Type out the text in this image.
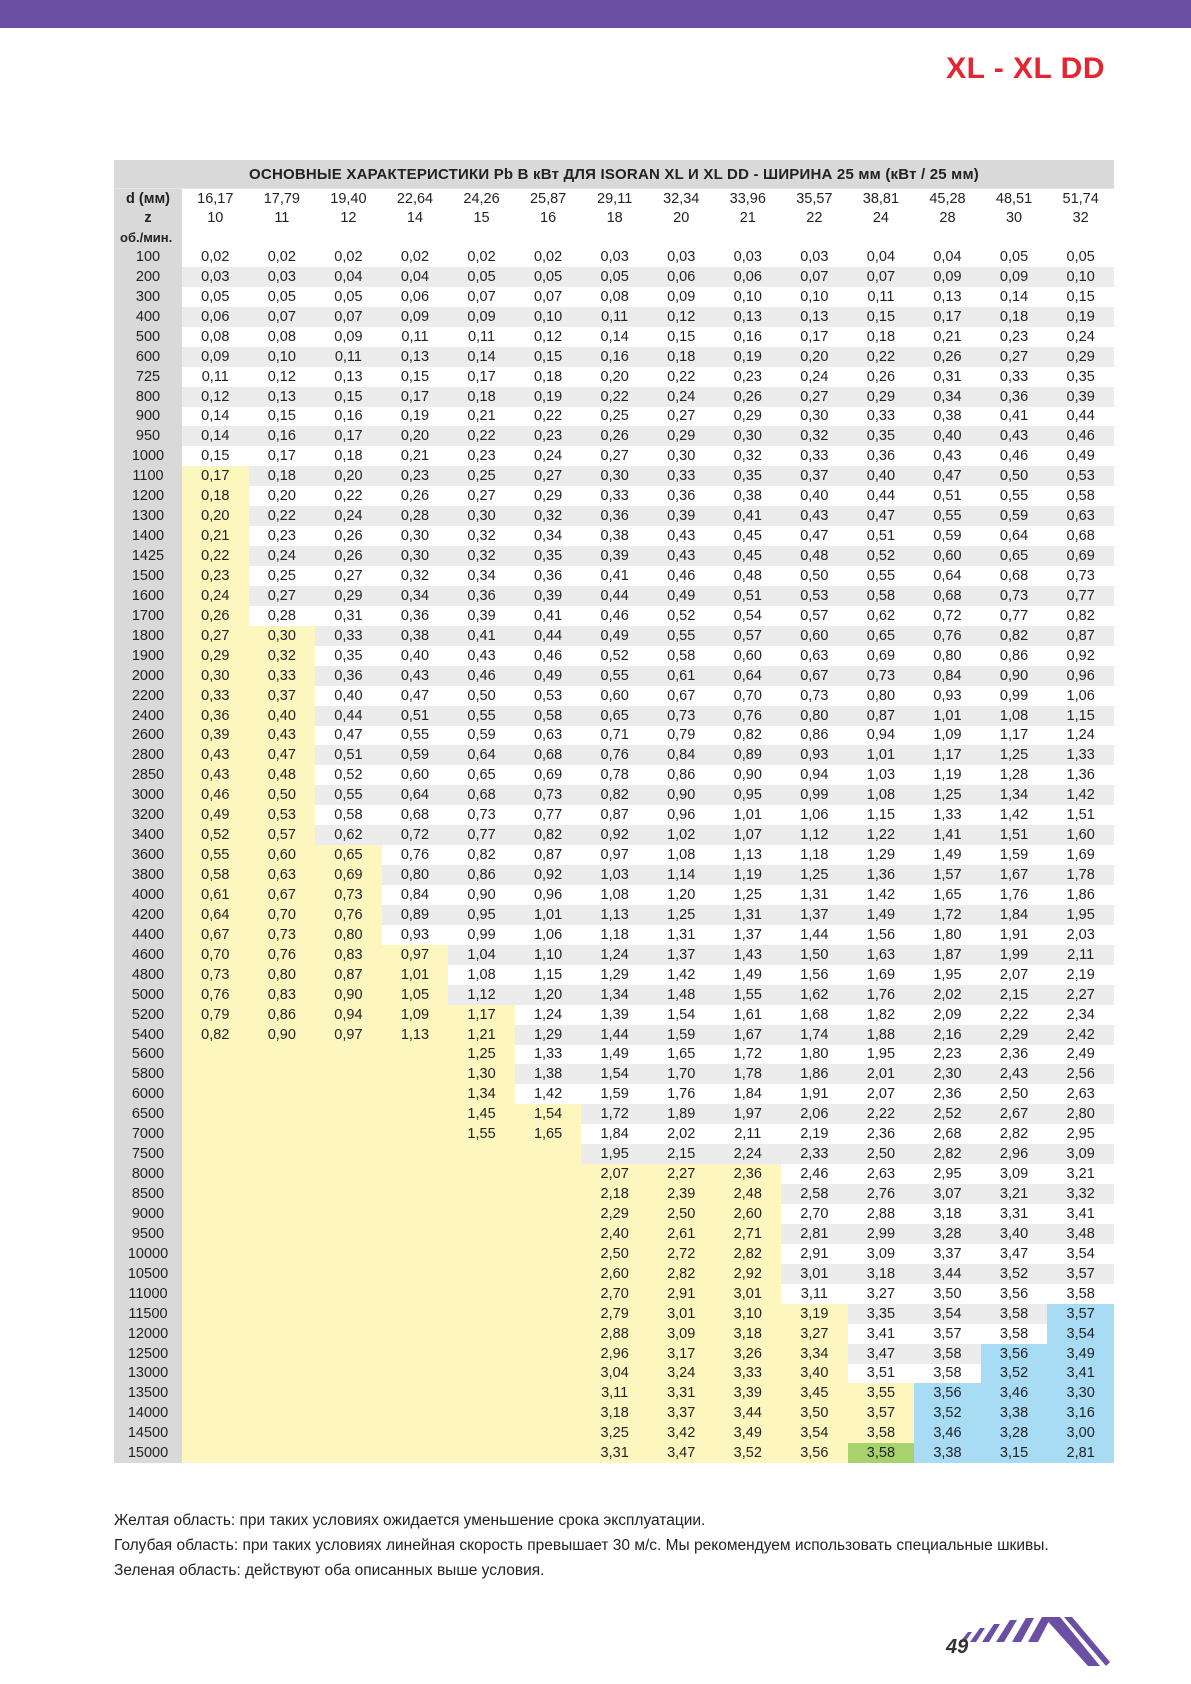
XL - XL DD
ОСНОВНЫЕ ХАРАКТЕРИСТИКИ Pb В кВт ДЛЯ ISORAN XL И XL DD - ШИРИНА 25 мм (кВт / 25 мм)														
d (мм)	16,17	17,79	19,40	22,64	24,26	25,87	29,11	32,34	33,96	35,57	38,81	45,28	48,51	51,74
z	10	11	12	14	15	16	18	20	21	22	24	28	30	32
об./мин.														
100	0,02	0,02	0,02	0,02	0,02	0,02	0,03	0,03	0,03	0,03	0,04	0,04	0,05	0,05
200	0,03	0,03	0,04	0,04	0,05	0,05	0,05	0,06	0,06	0,07	0,07	0,09	0,09	0,10
300	0,05	0,05	0,05	0,06	0,07	0,07	0,08	0,09	0,10	0,10	0,11	0,13	0,14	0,15
400	0,06	0,07	0,07	0,09	0,09	0,10	0,11	0,12	0,13	0,13	0,15	0,17	0,18	0,19
500	0,08	0,08	0,09	0,11	0,11	0,12	0,14	0,15	0,16	0,17	0,18	0,21	0,23	0,24
600	0,09	0,10	0,11	0,13	0,14	0,15	0,16	0,18	0,19	0,20	0,22	0,26	0,27	0,29
725	0,11	0,12	0,13	0,15	0,17	0,18	0,20	0,22	0,23	0,24	0,26	0,31	0,33	0,35
800	0,12	0,13	0,15	0,17	0,18	0,19	0,22	0,24	0,26	0,27	0,29	0,34	0,36	0,39
900	0,14	0,15	0,16	0,19	0,21	0,22	0,25	0,27	0,29	0,30	0,33	0,38	0,41	0,44
950	0,14	0,16	0,17	0,20	0,22	0,23	0,26	0,29	0,30	0,32	0,35	0,40	0,43	0,46
1000	0,15	0,17	0,18	0,21	0,23	0,24	0,27	0,30	0,32	0,33	0,36	0,43	0,46	0,49
1100	0,17	0,18	0,20	0,23	0,25	0,27	0,30	0,33	0,35	0,37	0,40	0,47	0,50	0,53
1200	0,18	0,20	0,22	0,26	0,27	0,29	0,33	0,36	0,38	0,40	0,44	0,51	0,55	0,58
1300	0,20	0,22	0,24	0,28	0,30	0,32	0,36	0,39	0,41	0,43	0,47	0,55	0,59	0,63
1400	0,21	0,23	0,26	0,30	0,32	0,34	0,38	0,43	0,45	0,47	0,51	0,59	0,64	0,68
1425	0,22	0,24	0,26	0,30	0,32	0,35	0,39	0,43	0,45	0,48	0,52	0,60	0,65	0,69
1500	0,23	0,25	0,27	0,32	0,34	0,36	0,41	0,46	0,48	0,50	0,55	0,64	0,68	0,73
1600	0,24	0,27	0,29	0,34	0,36	0,39	0,44	0,49	0,51	0,53	0,58	0,68	0,73	0,77
1700	0,26	0,28	0,31	0,36	0,39	0,41	0,46	0,52	0,54	0,57	0,62	0,72	0,77	0,82
1800	0,27	0,30	0,33	0,38	0,41	0,44	0,49	0,55	0,57	0,60	0,65	0,76	0,82	0,87
1900	0,29	0,32	0,35	0,40	0,43	0,46	0,52	0,58	0,60	0,63	0,69	0,80	0,86	0,92
2000	0,30	0,33	0,36	0,43	0,46	0,49	0,55	0,61	0,64	0,67	0,73	0,84	0,90	0,96
2200	0,33	0,37	0,40	0,47	0,50	0,53	0,60	0,67	0,70	0,73	0,80	0,93	0,99	1,06
2400	0,36	0,40	0,44	0,51	0,55	0,58	0,65	0,73	0,76	0,80	0,87	1,01	1,08	1,15
2600	0,39	0,43	0,47	0,55	0,59	0,63	0,71	0,79	0,82	0,86	0,94	1,09	1,17	1,24
2800	0,43	0,47	0,51	0,59	0,64	0,68	0,76	0,84	0,89	0,93	1,01	1,17	1,25	1,33
2850	0,43	0,48	0,52	0,60	0,65	0,69	0,78	0,86	0,90	0,94	1,03	1,19	1,28	1,36
3000	0,46	0,50	0,55	0,64	0,68	0,73	0,82	0,90	0,95	0,99	1,08	1,25	1,34	1,42
3200	0,49	0,53	0,58	0,68	0,73	0,77	0,87	0,96	1,01	1,06	1,15	1,33	1,42	1,51
3400	0,52	0,57	0,62	0,72	0,77	0,82	0,92	1,02	1,07	1,12	1,22	1,41	1,51	1,60
3600	0,55	0,60	0,65	0,76	0,82	0,87	0,97	1,08	1,13	1,18	1,29	1,49	1,59	1,69
3800	0,58	0,63	0,69	0,80	0,86	0,92	1,03	1,14	1,19	1,25	1,36	1,57	1,67	1,78
4000	0,61	0,67	0,73	0,84	0,90	0,96	1,08	1,20	1,25	1,31	1,42	1,65	1,76	1,86
4200	0,64	0,70	0,76	0,89	0,95	1,01	1,13	1,25	1,31	1,37	1,49	1,72	1,84	1,95
4400	0,67	0,73	0,80	0,93	0,99	1,06	1,18	1,31	1,37	1,44	1,56	1,80	1,91	2,03
4600	0,70	0,76	0,83	0,97	1,04	1,10	1,24	1,37	1,43	1,50	1,63	1,87	1,99	2,11
4800	0,73	0,80	0,87	1,01	1,08	1,15	1,29	1,42	1,49	1,56	1,69	1,95	2,07	2,19
5000	0,76	0,83	0,90	1,05	1,12	1,20	1,34	1,48	1,55	1,62	1,76	2,02	2,15	2,27
5200	0,79	0,86	0,94	1,09	1,17	1,24	1,39	1,54	1,61	1,68	1,82	2,09	2,22	2,34
5400	0,82	0,90	0,97	1,13	1,21	1,29	1,44	1,59	1,67	1,74	1,88	2,16	2,29	2,42
5600					1,25	1,33	1,49	1,65	1,72	1,80	1,95	2,23	2,36	2,49
5800					1,30	1,38	1,54	1,70	1,78	1,86	2,01	2,30	2,43	2,56
6000					1,34	1,42	1,59	1,76	1,84	1,91	2,07	2,36	2,50	2,63
6500					1,45	1,54	1,72	1,89	1,97	2,06	2,22	2,52	2,67	2,80
7000					1,55	1,65	1,84	2,02	2,11	2,19	2,36	2,68	2,82	2,95
7500							1,95	2,15	2,24	2,33	2,50	2,82	2,96	3,09
8000							2,07	2,27	2,36	2,46	2,63	2,95	3,09	3,21
8500							2,18	2,39	2,48	2,58	2,76	3,07	3,21	3,32
9000							2,29	2,50	2,60	2,70	2,88	3,18	3,31	3,41
9500							2,40	2,61	2,71	2,81	2,99	3,28	3,40	3,48
10000							2,50	2,72	2,82	2,91	3,09	3,37	3,47	3,54
10500							2,60	2,82	2,92	3,01	3,18	3,44	3,52	3,57
11000							2,70	2,91	3,01	3,11	3,27	3,50	3,56	3,58
11500							2,79	3,01	3,10	3,19	3,35	3,54	3,58	3,57
12000							2,88	3,09	3,18	3,27	3,41	3,57	3,58	3,54
12500							2,96	3,17	3,26	3,34	3,47	3,58	3,56	3,49
13000							3,04	3,24	3,33	3,40	3,51	3,58	3,52	3,41
13500							3,11	3,31	3,39	3,45	3,55	3,56	3,46	3,30
14000							3,18	3,37	3,44	3,50	3,57	3,52	3,38	3,16
14500							3,25	3,42	3,49	3,54	3,58	3,46	3,28	3,00
15000							3,31	3,47	3,52	3,56	3,58	3,38	3,15	2,81

Желтая область: при таких условиях ожидается уменьшение срока эксплуатации.

Голубая область: при таких условиях линейная скорость превышает 30 м/с. Мы рекомендуем использовать специальные шкивы.

Зеленая область: действуют оба описанных выше условия.

49
